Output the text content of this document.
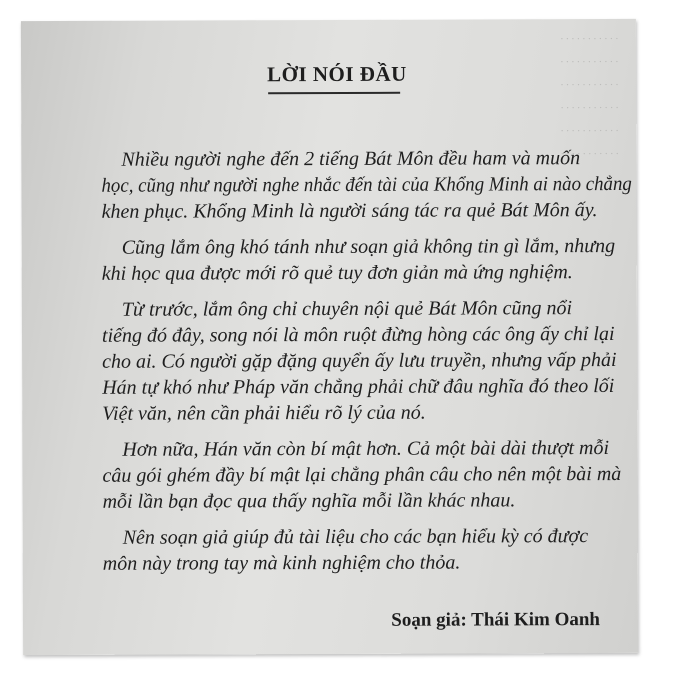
. . . . . . . . . . .
. . . . . . . . . . .
. . . . . . . . . . .
. . . . . . . . . . .
. . . . . . . . . . .
. . . . . . . . . . .
LỜI NÓI ĐẦU
Nhiều người nghe đến 2 tiếng Bát Môn đều ham và muốn
học, cũng như người nghe nhắc đến tài của Khổng Minh ai nào chẳng
khen phục. Khổng Minh là người sáng tác ra quẻ Bát Môn ấy.
Cũng lắm ông khó tánh như soạn giả không tin gì lắm, nhưng
khi học qua được mới rõ quẻ tuy đơn giản mà ứng nghiệm.
Từ trước, lắm ông chỉ chuyên nội quẻ Bát Môn cũng nổi
tiếng đó đây, song nói là môn ruột đừng hòng các ông ấy chỉ lại
cho ai. Có người gặp đặng quyển ấy lưu truyền, nhưng vấp phải
Hán tự khó như Pháp văn chẳng phải chữ đâu nghĩa đó theo lối
Việt văn, nên cần phải hiểu rõ lý của nó.
Hơn nữa, Hán văn còn bí mật hơn. Cả một bài dài thượt mỗi
câu gói ghém đầy bí mật lại chẳng phân câu cho nên một bài mà
mỗi lần bạn đọc qua thấy nghĩa mỗi lần khác nhau.
Nên soạn giả giúp đủ tài liệu cho các bạn hiểu kỳ có được
môn này trong tay mà kinh nghiệm cho thỏa.
Soạn giả: Thái Kim Oanh
